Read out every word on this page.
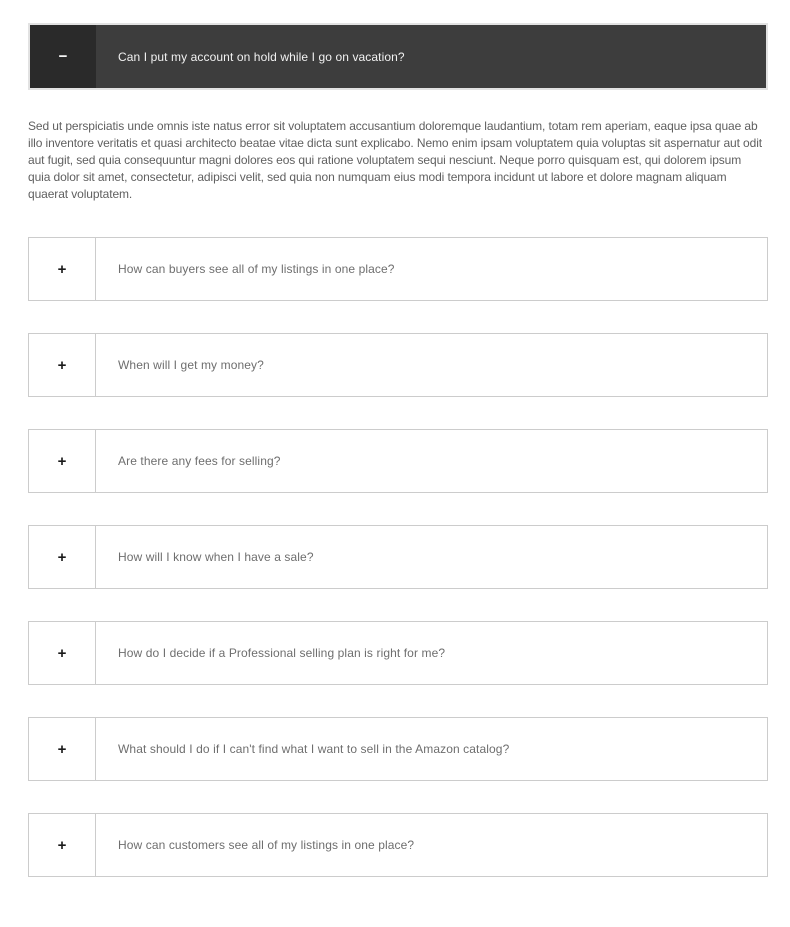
−	Can I put my account on hold while I go on vacation?
Sed ut perspiciatis unde omnis iste natus error sit voluptatem accusantium doloremque laudantium, totam rem aperiam, eaque ipsa quae ab illo inventore veritatis et quasi architecto beatae vitae dicta sunt explicabo. Nemo enim ipsam voluptatem quia voluptas sit aspernatur aut odit aut fugit, sed quia consequuntur magni dolores eos qui ratione voluptatem sequi nesciunt. Neque porro quisquam est, qui dolorem ipsum quia dolor sit amet, consectetur, adipisci velit, sed quia non numquam eius modi tempora incidunt ut labore et dolore magnam aliquam quaerat voluptatem.
+	How can buyers see all of my listings in one place?
+	When will I get my money?
+	Are there any fees for selling?
+	How will I know when I have a sale?
+	How do I decide if a Professional selling plan is right for me?
+	What should I do if I can't find what I want to sell in the Amazon catalog?
+	How can customers see all of my listings in one place?
